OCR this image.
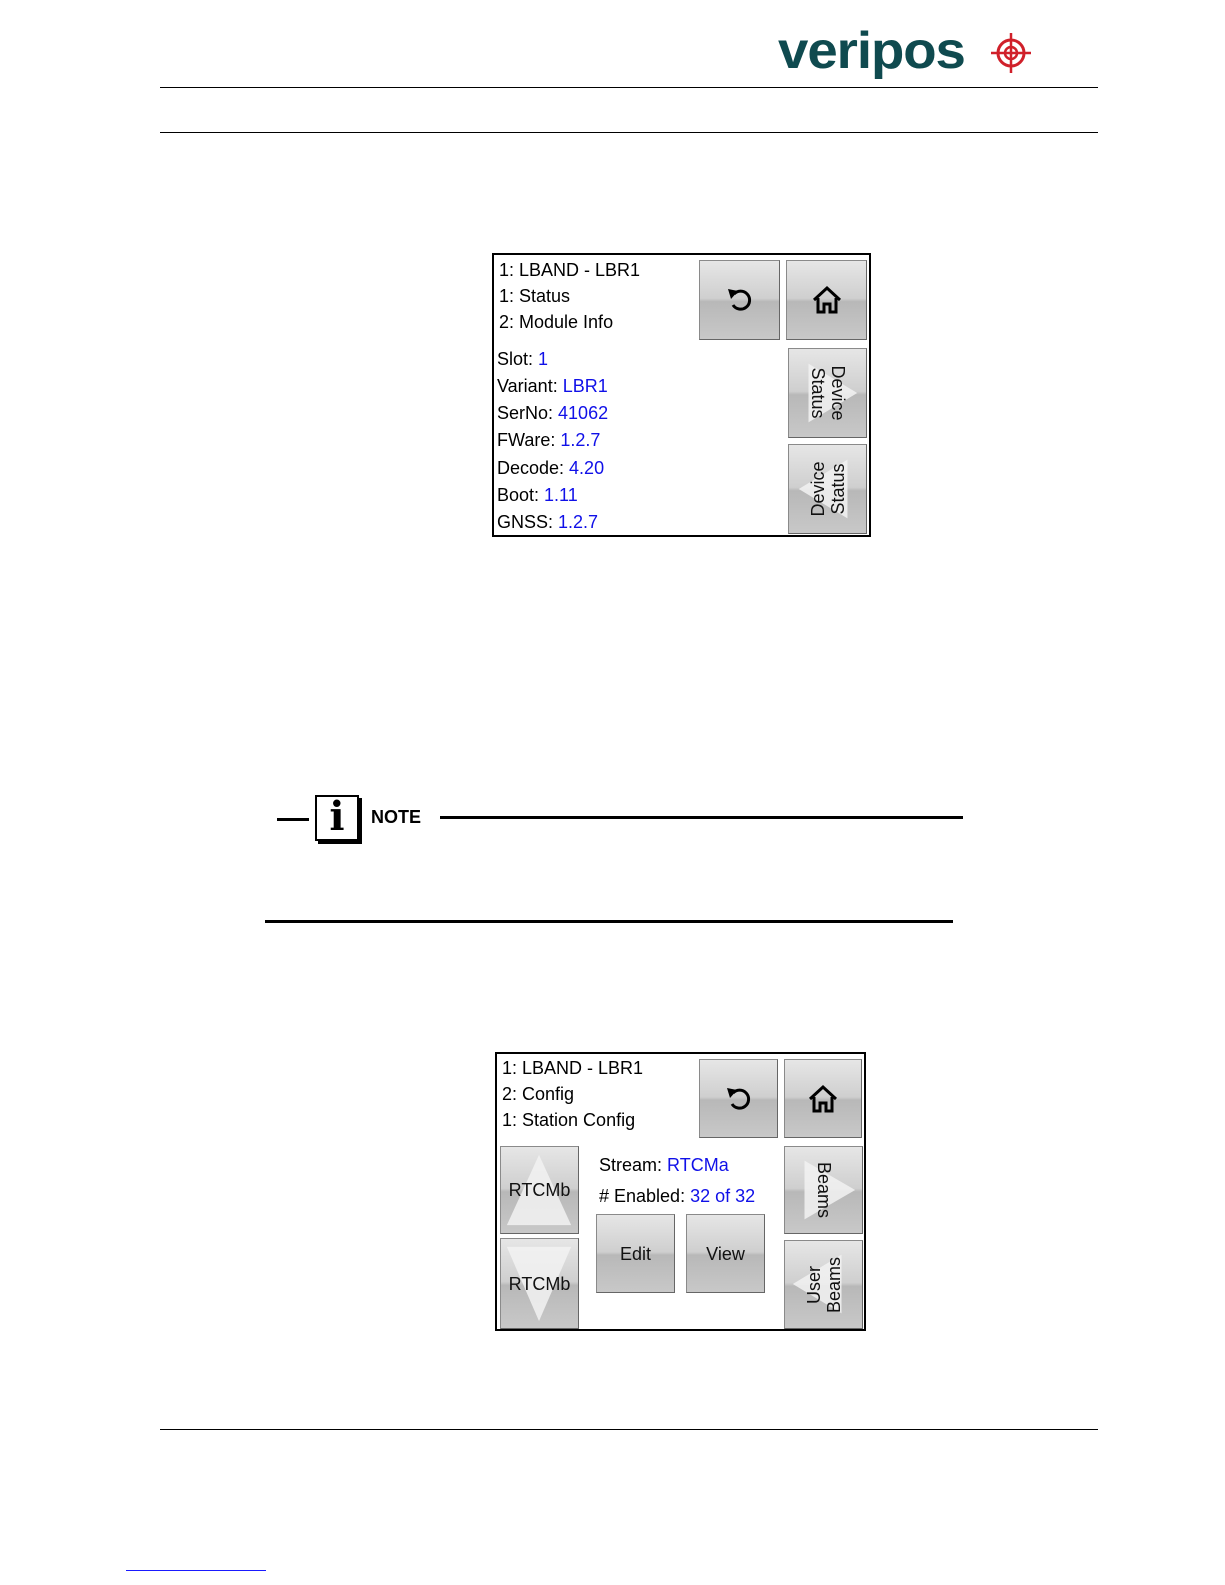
veripos
1: LBAND - LBR1
1: Status
2: Module Info
Slot: 1
Variant: LBR1
SerNo: 41062
FWare: 1.2.7
Decode: 4.20
Boot: 1.11
GNSS: 1.2.7
Device
Status
Device Status
i	NOTE
1: LBAND - LBR1
2: Config
1: Station Config
RTCMb
RTCMb
Stream: RTCMa
# Enabled: 32 of 32
Edit	View
Beams
User Beams
